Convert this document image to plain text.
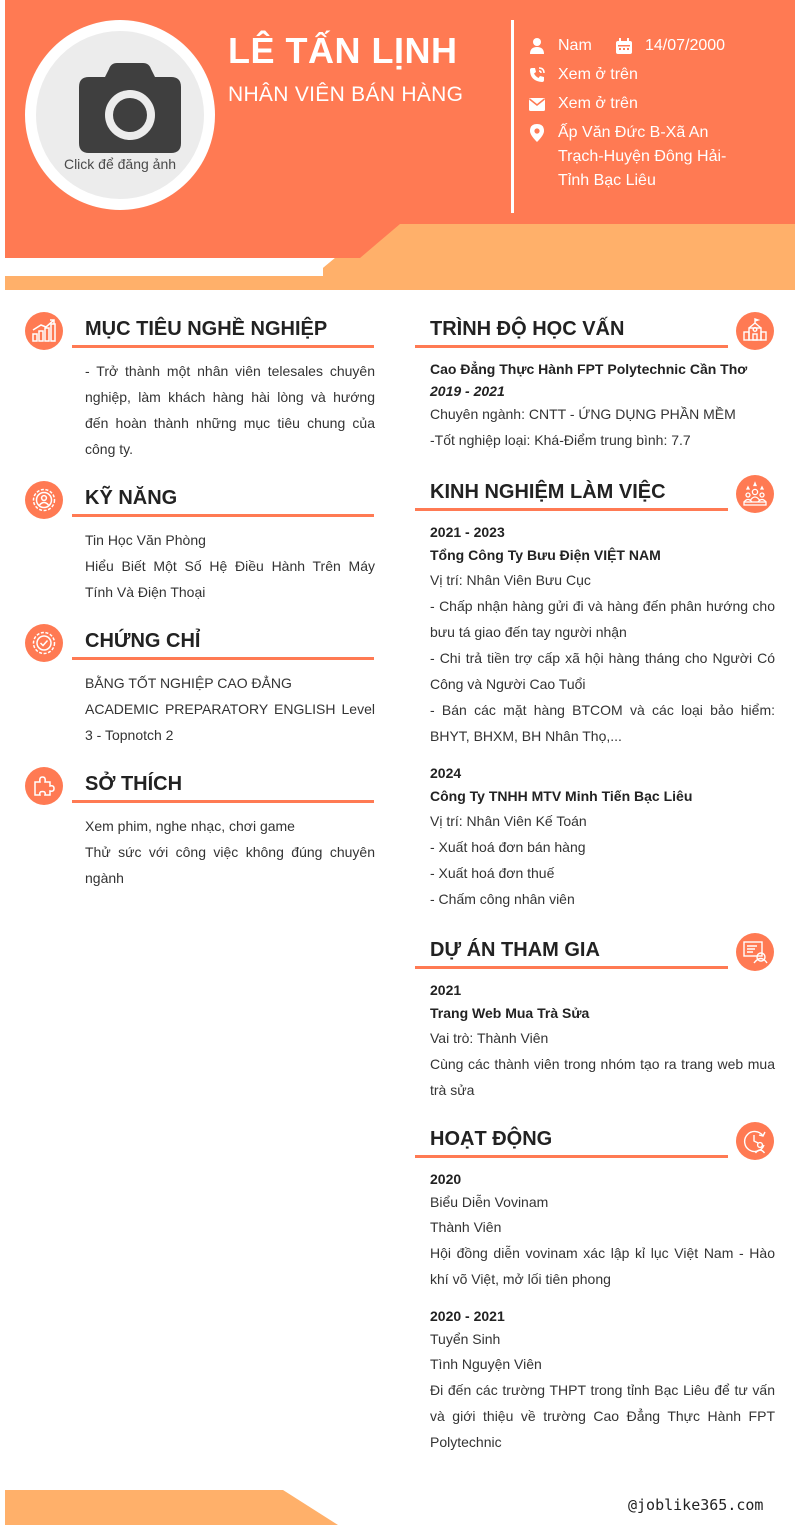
Click để đăng ảnh
LÊ TẤN LỊNH
NHÂN VIÊN BÁN HÀNG
Nam	14/07/2000
Xem ở trên
Xem ở trên
Ấp Văn Đức B-Xã An Trạch-Huyện Đông Hải-Tỉnh Bạc Liêu
MỤC TIÊU NGHỀ NGHIỆP
- Trở thành một nhân viên telesales chuyên nghiệp, làm khách hàng hài lòng và hướng đến hoàn thành những mục tiêu chung của công ty.
KỸ NĂNG
Tin Học Văn Phòng
Hiểu Biết Một Số Hệ Điều Hành Trên Máy Tính Và Điện Thoại
CHỨNG CHỈ
BẰNG TỐT NGHIỆP CAO ĐẲNG
ACADEMIC PREPARATORY ENGLISH Level 3 - Topnotch 2
SỞ THÍCH
Xem phim, nghe nhạc, chơi game
Thử sức với công việc không đúng chuyên ngành
TRÌNH ĐỘ HỌC VẤN
Cao Đẳng Thực Hành FPT Polytechnic Cần Thơ
2019 - 2021
Chuyên ngành: CNTT - ỨNG DỤNG PHẦN MỀM
-Tốt nghiệp loại: Khá-Điểm trung bình: 7.7
KINH NGHIỆM LÀM VIỆC
2021 - 2023
Tổng Công Ty Bưu Điện VIỆT NAM
Vị trí: Nhân Viên Bưu Cục
- Chấp nhận hàng gửi đi và hàng đến phân hướng cho bưu tá giao đến tay người nhận
- Chi trả tiền trợ cấp xã hội hàng tháng cho Người Có Công và Người Cao Tuổi
- Bán các mặt hàng BTCOM và các loại bảo hiểm: BHYT, BHXM, BH Nhân Thọ,...
2024
Công Ty TNHH MTV Minh Tiến Bạc Liêu
Vị trí: Nhân Viên Kế Toán
- Xuất hoá đơn bán hàng
- Xuất hoá đơn thuế
- Chấm công nhân viên
DỰ ÁN THAM GIA
2021
Trang Web Mua Trà Sửa
Vai trò: Thành Viên
Cùng các thành viên trong nhóm tạo ra trang web mua trà sửa
HOẠT ĐỘNG
2020
Biểu Diễn Vovinam
Thành Viên
Hội đồng diễn vovinam xác lập kỉ lục Việt Nam - Hào khí võ Việt, mở lối tiên phong
2020 - 2021
Tuyển Sinh
Tình Nguyện Viên
Đi đến các trường THPT trong tỉnh Bạc Liêu để tư vấn và giới thiệu về trường Cao Đẳng Thực Hành FPT Polytechnic
@joblike365.com
